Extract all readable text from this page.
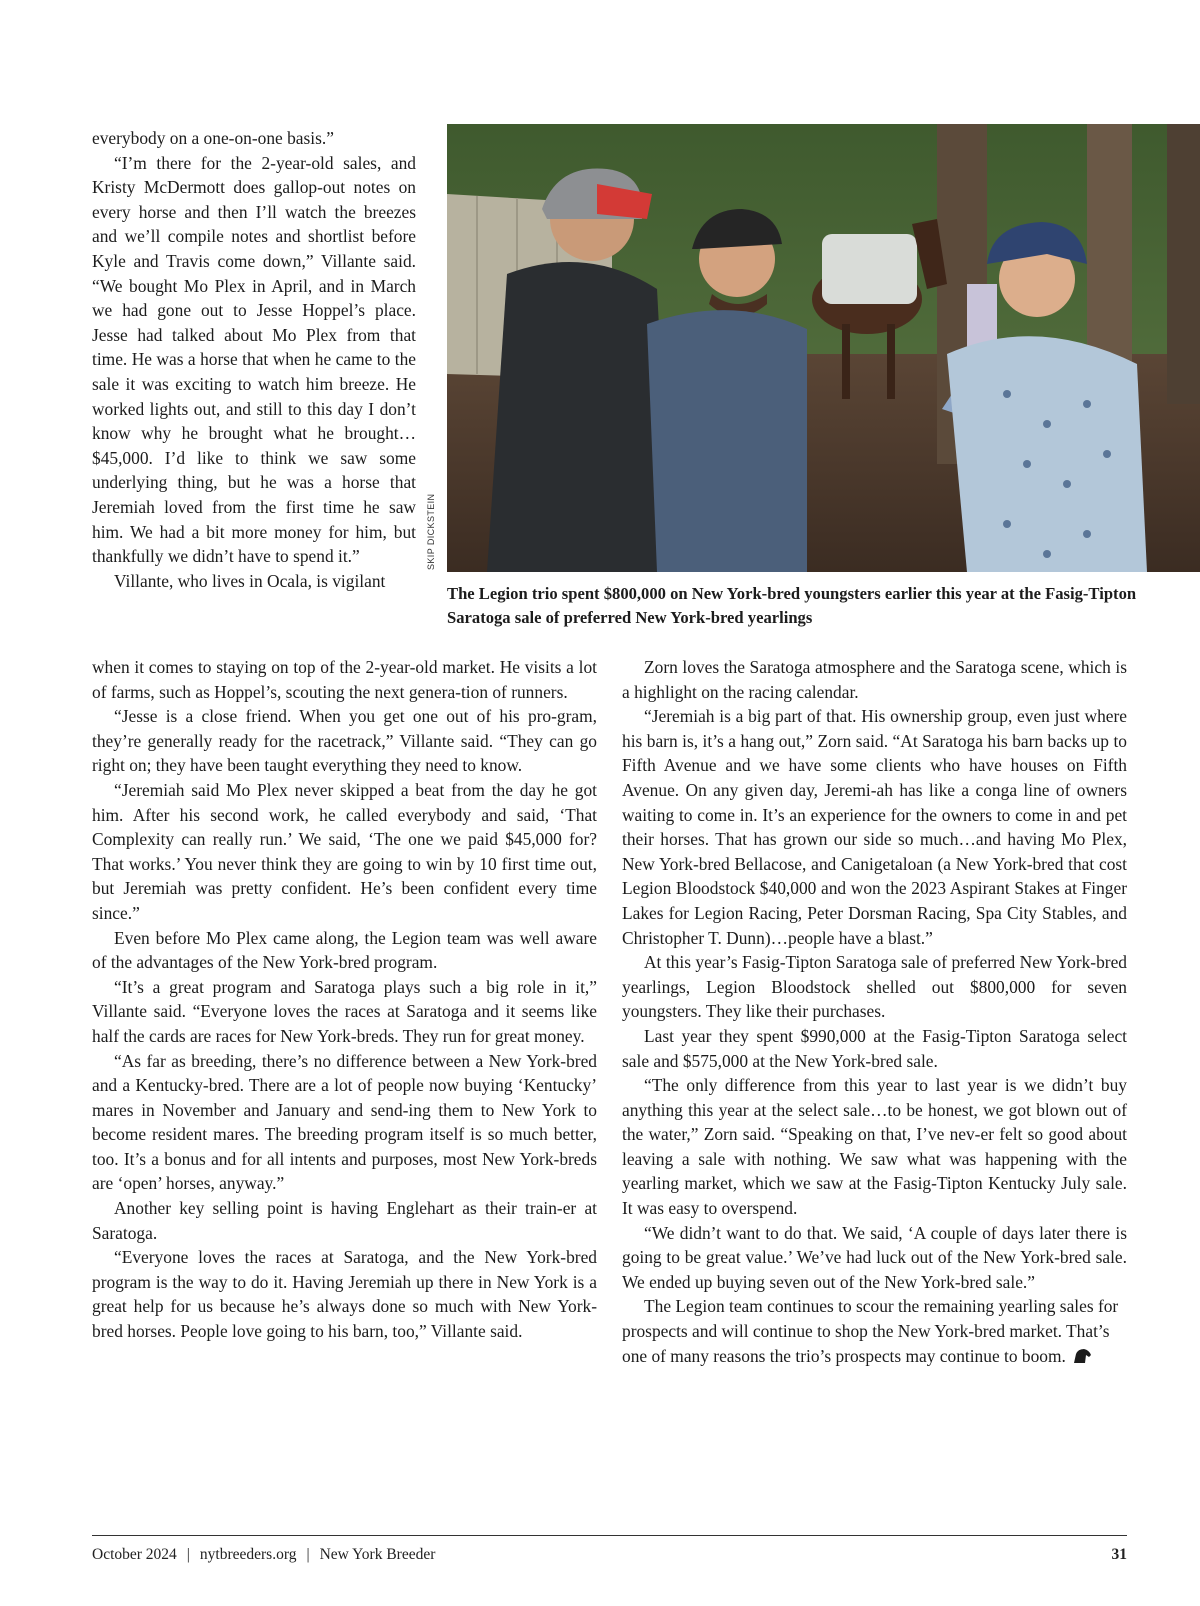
everybody on a one-on-one basis.”

“I’m there for the 2-year-old sales, and Kristy McDermott does gallop-out notes on every horse and then I’ll watch the breezes and we’ll compile notes and shortlist before Kyle and Travis come down,” Villante said. “We bought Mo Plex in April, and in March we had gone out to Jesse Hoppel’s place. Jesse had talked about Mo Plex from that time. He was a horse that when he came to the sale it was exciting to watch him breeze. He worked lights out, and still to this day I don’t know why he brought what he brought…$45,000. I’d like to think we saw some underlying thing, but he was a horse that Jeremiah loved from the first time he saw him. We had a bit more money for him, but thankfully we didn’t have to spend it.”

Villante, who lives in Ocala, is vigilant

SKIP DICKSTEIN
The Legion trio spent $800,000 on New York-bred youngsters earlier this year at the Fasig-Tipton Saratoga sale of preferred New York-bred yearlings

when it comes to staying on top of the 2-year-old market. He visits a lot of farms, such as Hoppel’s, scouting the next genera-tion of runners.

“Jesse is a close friend. When you get one out of his pro-gram, they’re generally ready for the racetrack,” Villante said. “They can go right on; they have been taught everything they need to know.

“Jeremiah said Mo Plex never skipped a beat from the day he got him. After his second work, he called everybody and said, ‘That Complexity can really run.’ We said, ‘The one we paid $45,000 for? That works.’ You never think they are going to win by 10 first time out, but Jeremiah was pretty confident. He’s been confident every time since.”

Even before Mo Plex came along, the Legion team was well aware of the advantages of the New York-bred program.

“It’s a great program and Saratoga plays such a big role in it,” Villante said. “Everyone loves the races at Saratoga and it seems like half the cards are races for New York-breds. They run for great money.

“As far as breeding, there’s no difference between a New York-bred and a Kentucky-bred. There are a lot of people now buying ‘Kentucky’ mares in November and January and send-ing them to New York to become resident mares. The breeding program itself is so much better, too. It’s a bonus and for all intents and purposes, most New York-breds are ‘open’ horses, anyway.”

Another key selling point is having Englehart as their train-er at Saratoga.

“Everyone loves the races at Saratoga, and the New York-bred program is the way to do it. Having Jeremiah up there in New York is a great help for us because he’s always done so much with New York-bred horses. People love going to his barn, too,” Villante said.

Zorn loves the Saratoga atmosphere and the Saratoga scene, which is a highlight on the racing calendar.

“Jeremiah is a big part of that. His ownership group, even just where his barn is, it’s a hang out,” Zorn said. “At Saratoga his barn backs up to Fifth Avenue and we have some clients who have houses on Fifth Avenue. On any given day, Jeremi-ah has like a conga line of owners waiting to come in. It’s an experience for the owners to come in and pet their horses. That has grown our side so much…and having Mo Plex, New York-bred Bellacose, and Canigetaloan (a New York-bred that cost Legion Bloodstock $40,000 and won the 2023 Aspirant Stakes at Finger Lakes for Legion Racing, Peter Dorsman Racing, Spa City Stables, and Christopher T. Dunn)…people have a blast.”

At this year’s Fasig-Tipton Saratoga sale of preferred New York-bred yearlings, Legion Bloodstock shelled out $800,000 for seven youngsters. They like their purchases.

Last year they spent $990,000 at the Fasig-Tipton Saratoga select sale and $575,000 at the New York-bred sale.

“The only difference from this year to last year is we didn’t buy anything this year at the select sale…to be honest, we got blown out of the water,” Zorn said. “Speaking on that, I’ve nev-er felt so good about leaving a sale with nothing. We saw what was happening with the yearling market, which we saw at the Fasig-Tipton Kentucky July sale. It was easy to overspend.

“We didn’t want to do that. We said, ‘A couple of days later there is going to be great value.’ We’ve had luck out of the New York-bred sale. We ended up buying seven out of the New York-bred sale.”

The Legion team continues to scour the remaining yearling sales for prospects and will continue to shop the New York-bred market. That’s one of many reasons the trio’s prospects may continue to boom.

October 2024 | nytbreeders.org | New York Breeder	31
